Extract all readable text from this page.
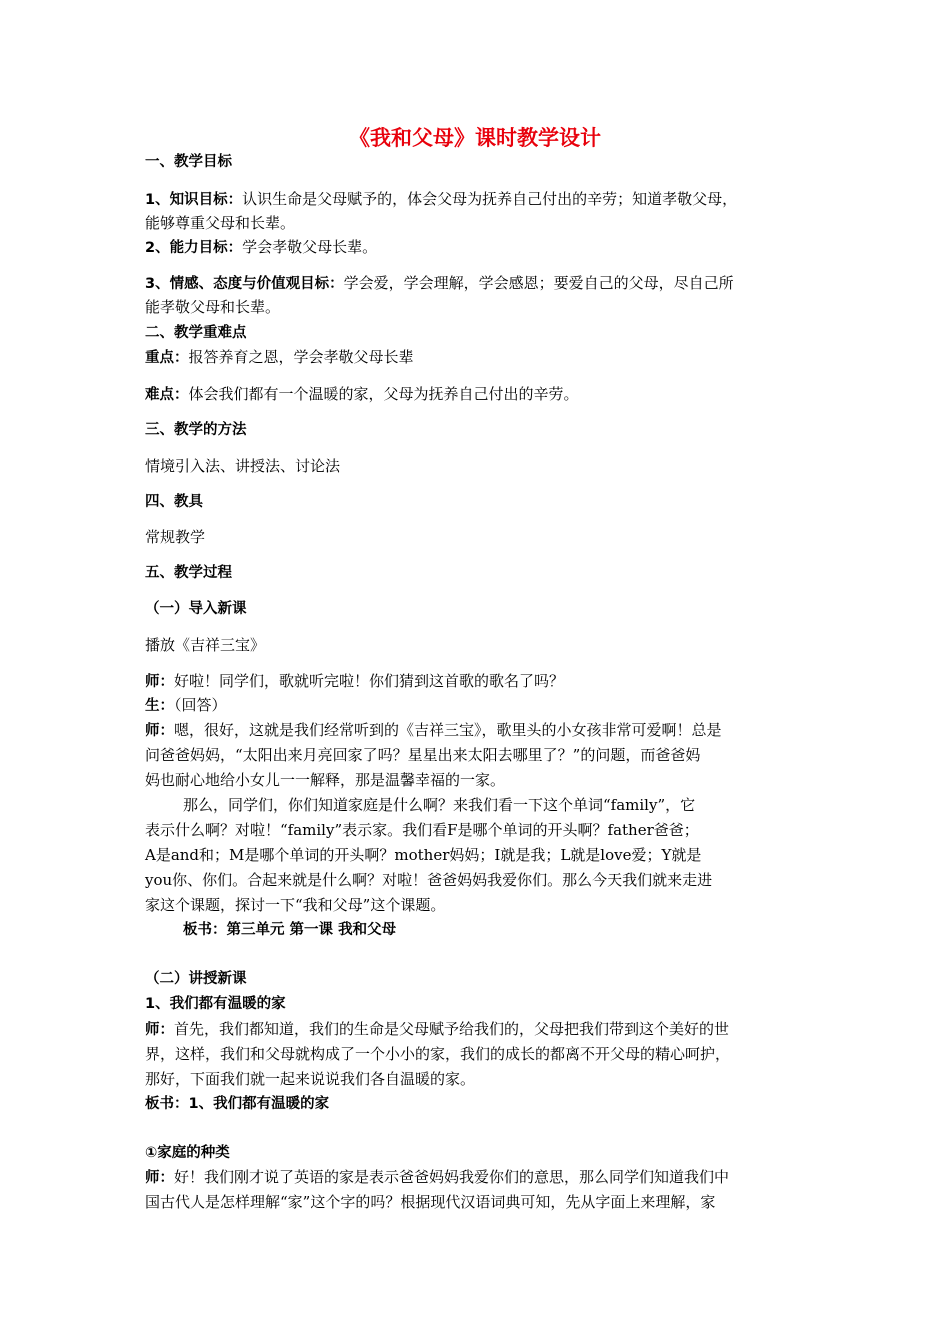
《我和父母》课时教学设计
一、教学目标
1、知识目标：认识生命是父母赋予的，体会父母为抚养自己付出的辛劳；知道孝敬父母，
能够尊重父母和长辈。
2、能力目标：学会孝敬父母长辈。
3、情感、态度与价值观目标：学会爱，学会理解，学会感恩；要爱自己的父母，尽自己所
能孝敬父母和长辈。
二、教学重难点
重点：报答养育之恩，学会孝敬父母长辈
难点：体会我们都有一个温暖的家，父母为抚养自己付出的辛劳。
三、教学的方法
情境引入法、讲授法、讨论法
四、教具
常规教学
五、教学过程
（一）导入新课
播放《吉祥三宝》
师：好啦！同学们，歌就听完啦！你们猜到这首歌的歌名了吗？
生：（回答）
师：嗯，很好，这就是我们经常听到的《吉祥三宝》，歌里头的小女孩非常可爱啊！总是
问爸爸妈妈，“太阳出来月亮回家了吗？星星出来太阳去哪里了？”的问题，而爸爸妈
妈也耐心地给小女儿一一解释，那是温馨幸福的一家。
那么，同学们，你们知道家庭是什么啊？来我们看一下这个单词“family”，它
表示什么啊？对啦！“family”表示家。我们看F是哪个单词的开头啊？father爸爸；
A是and和；M是哪个单词的开头啊？mother妈妈；I就是我；L就是love爱；Y就是
you你、你们。合起来就是什么啊？对啦！爸爸妈妈我爱你们。那么今天我们就来走进
家这个课题，探讨一下“我和父母”这个课题。
板书：第三单元 第一课 我和父母
（二）讲授新课
1、我们都有温暖的家
师：首先，我们都知道，我们的生命是父母赋予给我们的，父母把我们带到这个美好的世
界，这样，我们和父母就构成了一个小小的家，我们的成长的都离不开父母的精心呵护，
那好，下面我们就一起来说说我们各自温暖的家。
板书：1、我们都有温暖的家
①家庭的种类
师：好！我们刚才说了英语的家是表示爸爸妈妈我爱你们的意思，那么同学们知道我们中
国古代人是怎样理解“家”这个字的吗？根据现代汉语词典可知，先从字面上来理解，家
